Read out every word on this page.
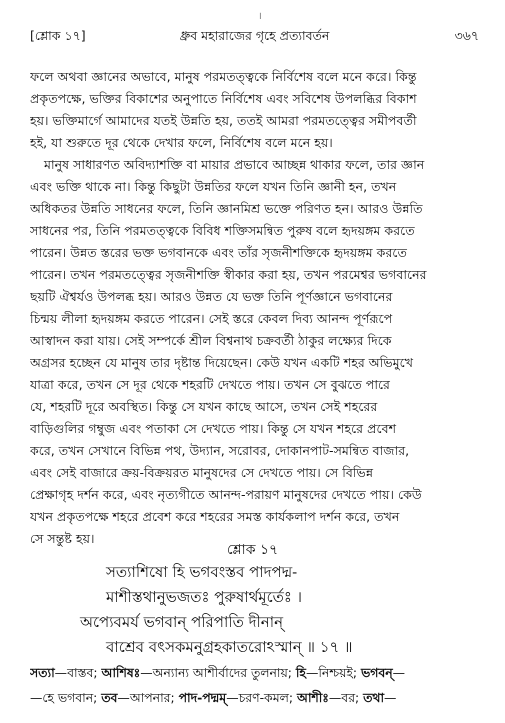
।
[শ্লোক ১৭]	ধ্রুব মহারাজের গৃহে প্রত্যাবর্তন	৩৬৭
ফলে অথবা জ্ঞানের অভাবে, মানুষ পরমতত্ত্বকে নির্বিশেষ বলে মনে করে। কিন্তু
প্রকৃতপক্ষে, ভক্তির বিকাশের অনুপাতে নির্বিশেষ এবং সবিশেষ উপলব্ধির বিকাশ
হয়। ভক্তিমার্গে আমাদের যতই উন্নতি হয়, ততই আমরা পরমতত্ত্বের সমীপবর্তী
হই, যা শুরুতে দূর থেকে দেখার ফলে, নির্বিশেষ বলে মনে হয়।
মানুষ সাধারণত অবিদ্যাশক্তি বা মায়ার প্রভাবে আচ্ছন্ন থাকার ফলে, তার জ্ঞান
এবং ভক্তি থাকে না। কিন্তু কিছুটা উন্নতির ফলে যখন তিনি জ্ঞানী হন, তখন
অধিকতর উন্নতি সাধনের ফলে, তিনি জ্ঞানমিশ্র ভক্তে পরিণত হন। আরও উন্নতি
সাধনের পর, তিনি পরমতত্ত্বকে বিবিধ শক্তিসমন্বিত পুরুষ বলে হৃদয়ঙ্গম করতে
পারেন। উন্নত স্তরের ভক্ত ভগবানকে এবং তাঁর সৃজনীশক্তিকে হৃদয়ঙ্গম করতে
পারেন। তখন পরমতত্ত্বের সৃজনীশক্তি স্বীকার করা হয়, তখন পরমেশ্বর ভগবানের
ছয়টি ঐশ্বর্যও উপলব্ধ হয়। আরও উন্নত যে ভক্ত তিনি পূর্ণজ্ঞানে ভগবানের
চিন্ময় লীলা হৃদয়ঙ্গম করতে পারেন। সেই স্তরে কেবল দিব্য আনন্দ পূর্ণরূপে
আস্বাদন করা যায়। সেই সম্পর্কে শ্রীল বিশ্বনাথ চক্রবর্তী ঠাকুর লক্ষ্যের দিকে
অগ্রসর হচ্ছেন যে মানুষ তার দৃষ্টান্ত দিয়েছেন। কেউ যখন একটি শহর অভিমুখে
যাত্রা করে, তখন সে দূর থেকে শহরটি দেখতে পায়। তখন সে বুঝতে পারে
যে, শহরটি দূরে অবস্থিত। কিন্তু সে যখন কাছে আসে, তখন সেই শহরের
বাড়িগুলির গম্বুজ এবং পতাকা সে দেখতে পায়। কিন্তু সে যখন শহরে প্রবেশ
করে, তখন সেখানে বিভিন্ন পথ, উদ্যান, সরোবর, দোকানপাট-সমন্বিত বাজার,
এবং সেই বাজারে ক্রয়-বিক্রয়রত মানুষদের সে দেখতে পায়। সে বিভিন্ন
প্রেক্ষাগৃহ দর্শন করে, এবং নৃত্যগীতে আনন্দ-পরায়ণ মানুষদের দেখতে পায়। কেউ
যখন প্রকৃতপক্ষে শহরে প্রবেশ করে শহরের সমস্ত কার্যকলাপ দর্শন করে, তখন
সে সন্তুষ্ট হয়।
শ্লোক ১৭
সত্যাশিষো হি ভগবংস্তব পাদপদ্ম-
মাশীস্তথানুভজতঃ পুরুষার্থমূর্তেঃ ।
অপ্যেবমর্য ভগবান্ পরিপাতি দীনান্
বাশ্রেব বৎসকমনুগ্রহকাতরোঽস্মান্ ॥ ১৭ ॥
সত্যা—বাস্তব; আশিষঃ—অন্যান্য আশীর্বাদের তুলনায়; হি—নিশ্চয়ই; ভগবন্—
—হে ভগবান; তব—আপনার; পাদ-পদ্মম্—চরণ-কমল; আশীঃ—বর; তথা—
